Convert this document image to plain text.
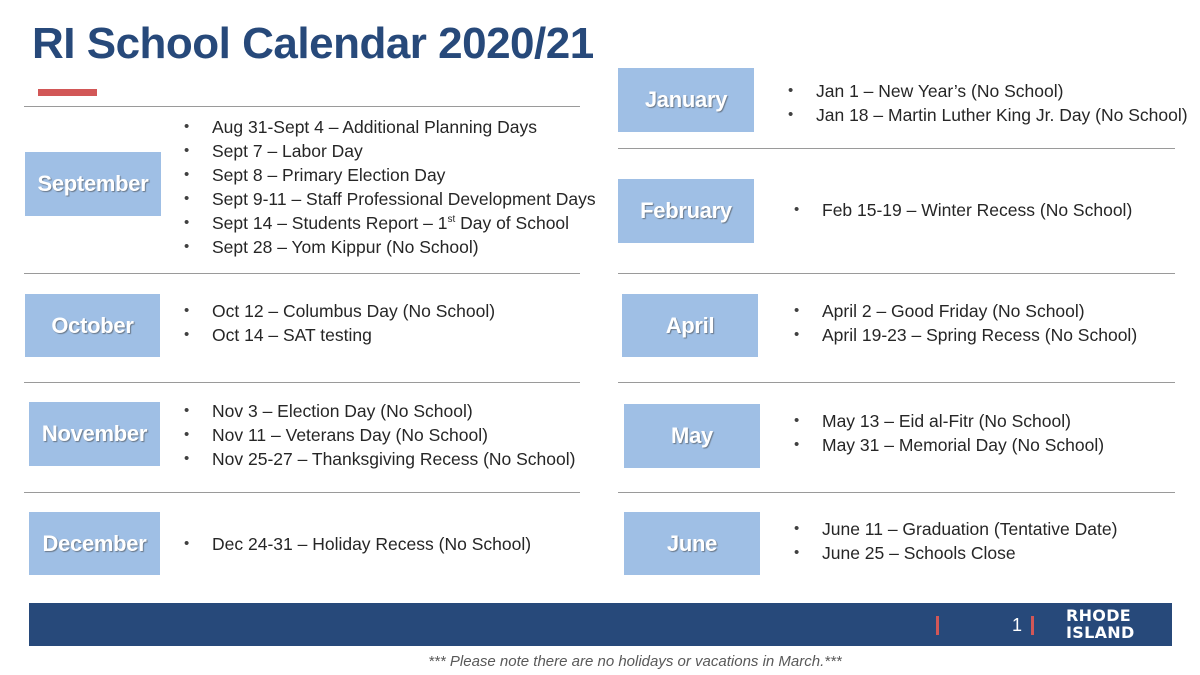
RI School Calendar 2020/21
September
• Aug 31-Sept 4 – Additional Planning Days
• Sept 7 – Labor Day
• Sept 8 – Primary Election Day
• Sept 9-11 – Staff Professional Development Days
• Sept 14 – Students Report – 1st Day of School
• Sept 28 – Yom Kippur (No School)
October
• Oct 12 – Columbus Day (No School)
• Oct 14 – SAT testing
November
• Nov 3 – Election Day (No School)
• Nov 11 – Veterans Day (No School)
• Nov 25-27 – Thanksgiving Recess (No School)
December	• Dec 24-31 – Holiday Recess (No School)
January	• Jan 1 – New Year’s (No School)
• Jan 18 – Martin Luther King Jr. Day (No School)
February	• Feb 15-19 – Winter Recess (No School)
April
• April 2 – Good Friday (No School)
• April 19-23 – Spring Recess (No School)
May
• May 13 – Eid al-Fitr (No School)
• May 31 – Memorial Day (No School)
June
• June 11 – Graduation (Tentative Date)
• June 25 – Schools Close
1	RHODE
ISLAND
*** Please note there are no holidays or vacations in March.***
